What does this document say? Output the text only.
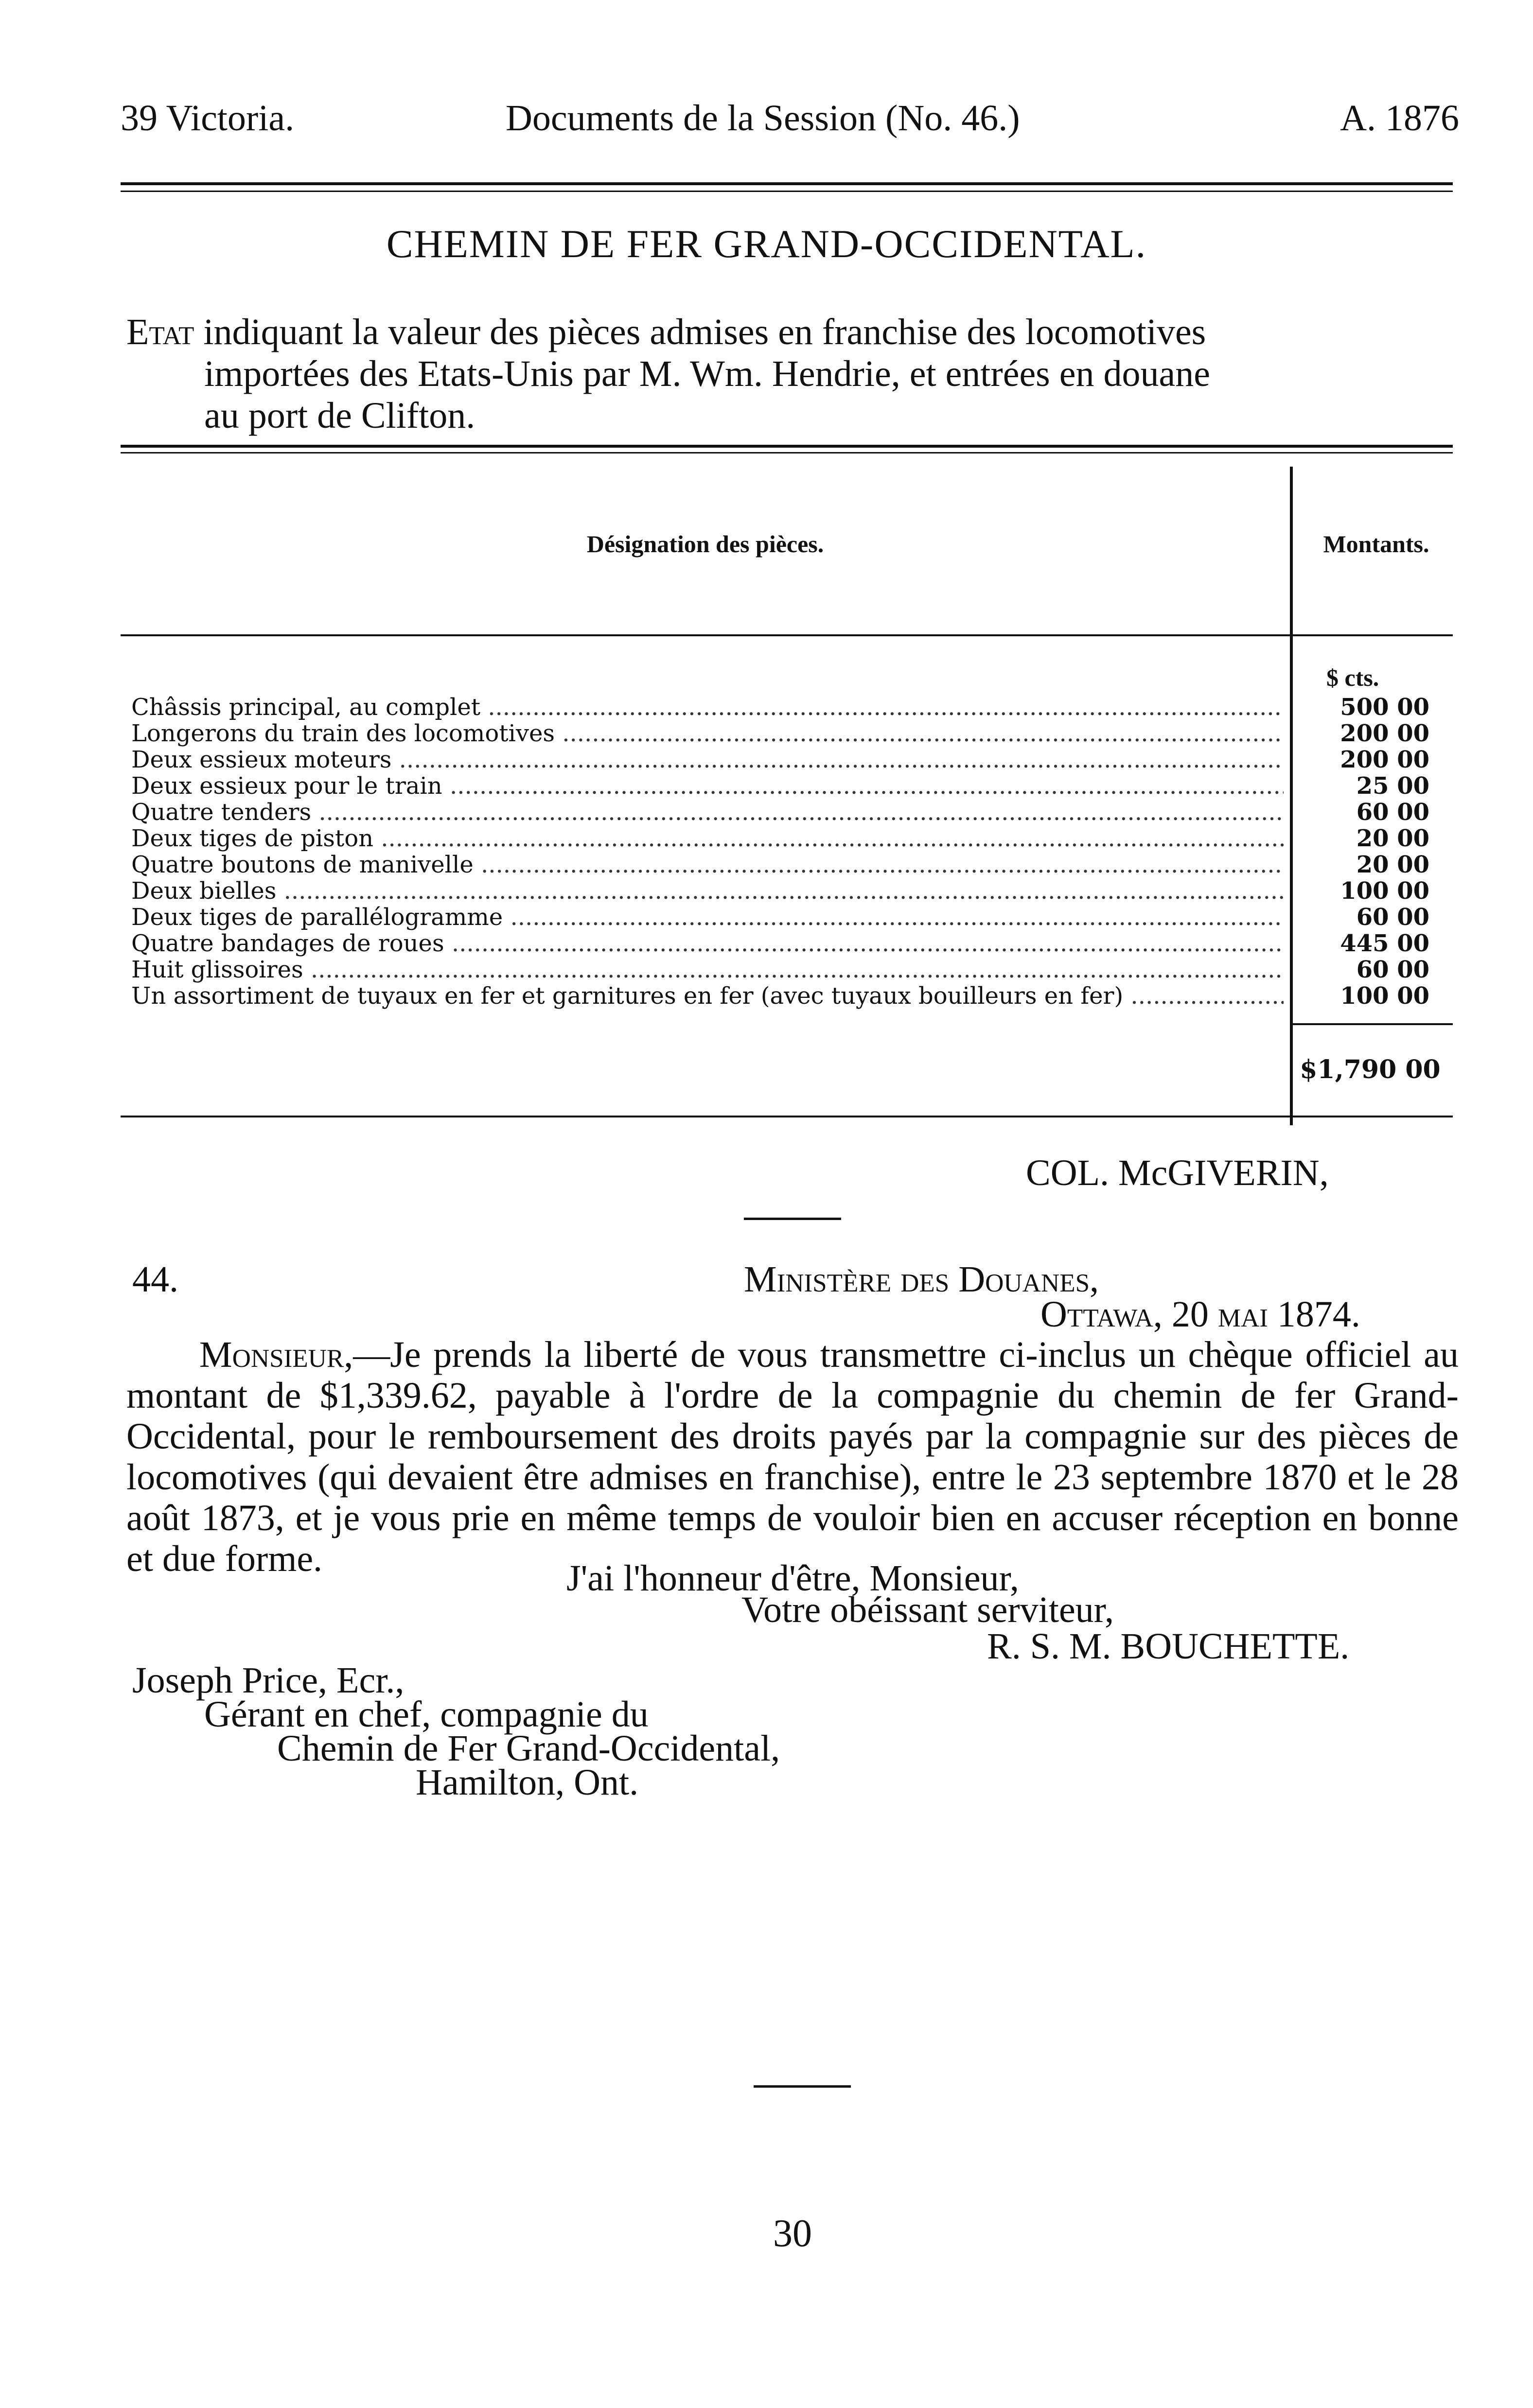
39 Victoria.	Documents de la Session (No. 46.)	A. 1876
CHEMIN DE FER GRAND-OCCIDENTAL.
Etat indiquant la valeur des pièces admises en franchise des locomotives
importées des Etats-Unis par M. Wm. Hendrie, et entrées en douane
au port de Clifton.
Désignation des pièces.	Montants.
$ cts.
Châssis principal, au complet .....	500 00
Longerons du train des locomotives .....	200 00
Deux essieux moteurs .....	200 00
Deux essieux pour le train .....	25 00
Quatre tenders .....	60 00
Deux tiges de piston .....	20 00
Quatre boutons de manivelle .....	20 00
Deux bielles .....	100 00
Deux tiges de parallélogramme .....	60 00
Quatre bandages de roues .....	445 00
Huit glissoires .....	60 00
Un assortiment de tuyaux en fer et garnitures en fer (avec tuyaux bouilleurs en fer) .....	100 00
$1,790 00
COL. McGIVERIN,
44.	Ministère des Douanes,
Ottawa, 20 mai 1874.

Monsieur,—Je prends la liberté de vous transmettre ci-inclus un chèque officiel au montant de $1,339.62, payable à l'ordre de la compagnie du chemin de fer Grand-Occidental, pour le remboursement des droits payés par la compagnie sur des pièces de locomotives (qui devaient être admises en franchise), entre le 23 septembre 1870 et le 28 août 1873, et je vous prie en même temps de vouloir bien en accuser réception en bonne et due forme.	J'ai l'honneur d'être, Monsieur,
Votre obéissant serviteur,
R. S. M. BOUCHETTE.
Joseph Price, Ecr.,
Gérant en chef, compagnie du
Chemin de Fer Grand-Occidental,
Hamilton, Ont.
30
